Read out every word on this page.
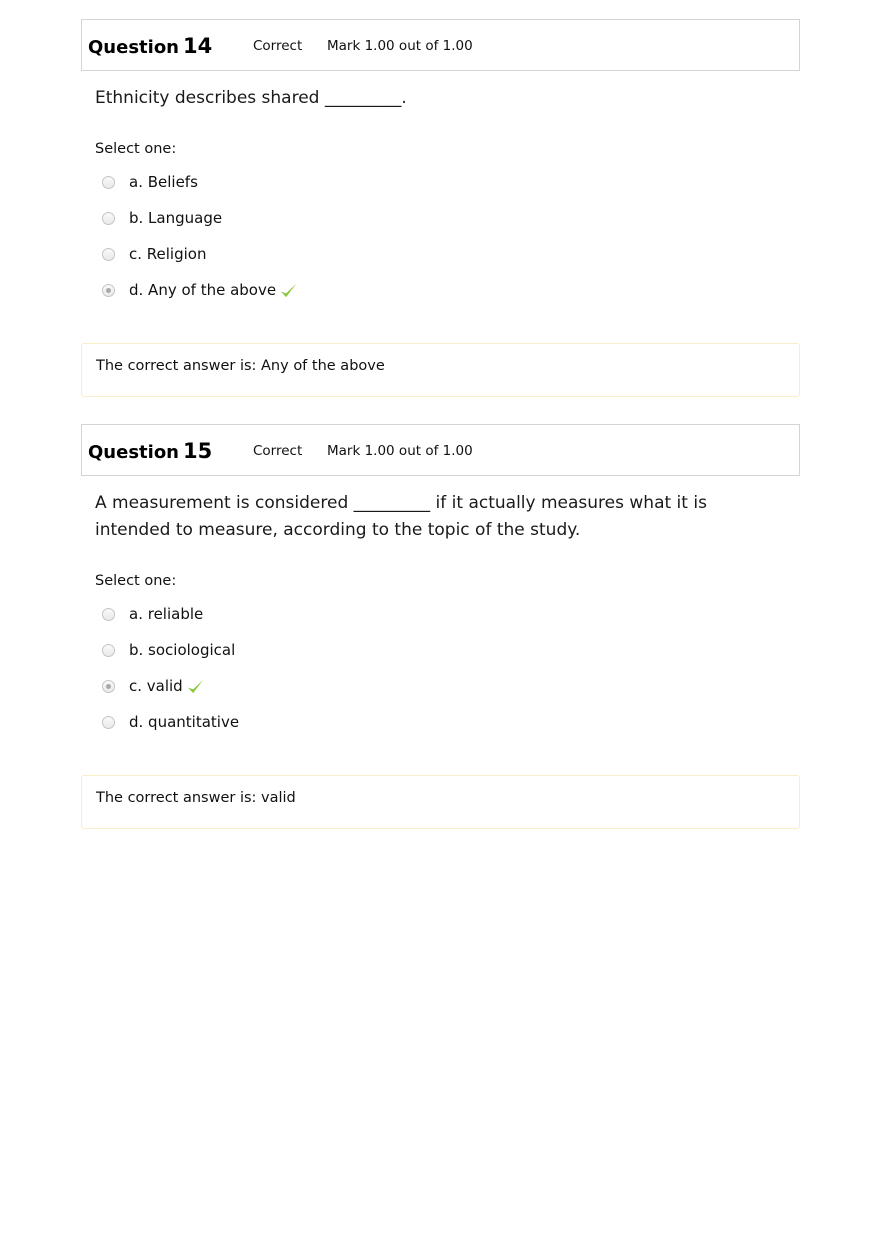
Question 14	Correct Mark 1.00 out of 1.00
Ethnicity describes shared _________.
Select one:
a. Beliefs
b. Language
c. Religion
d. Any of the above
The correct answer is: Any of the above
Question 15	Correct Mark 1.00 out of 1.00
A measurement is considered _________ if it actually measures what it is intended to measure, according to the topic of the study.
Select one:
a. reliable
b. sociological
c. valid
d. quantitative
The correct answer is: valid
